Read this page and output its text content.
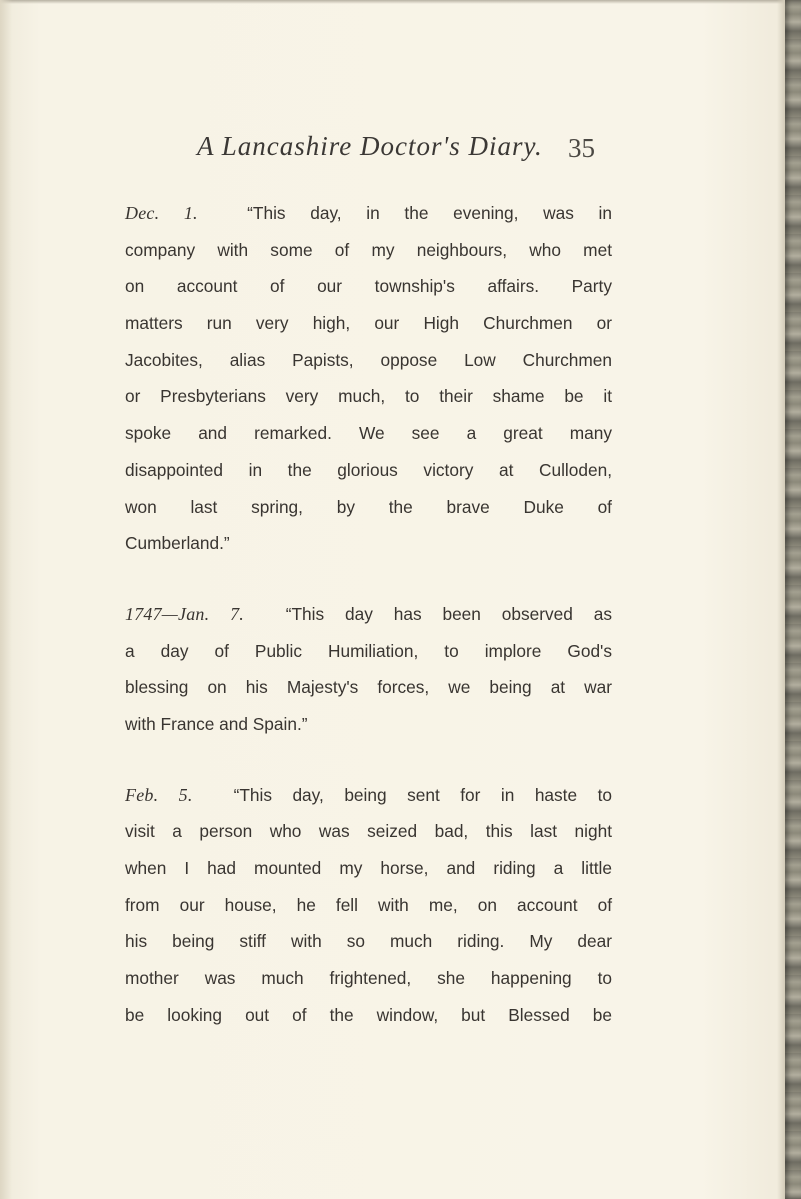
A Lancashire Doctor's Diary. 35
Dec. 1.	“This day, in the evening, was in
company with some of my neighbours, who met
on account of our township's affairs. Party
matters run very high, our High Churchmen or
Jacobites, alias Papists, oppose Low Churchmen
or Presbyterians very much, to their shame be it
spoke and remarked. We see a great many
disappointed in the glorious victory at Culloden,
won last spring, by the brave Duke of
Cumberland.”
1747—Jan. 7. “This day has been observed as
a day of Public Humiliation, to implore God's
blessing on his Majesty's forces, we being at war
with France and Spain.”
Feb. 5. “This day, being sent for in haste to
visit a person who was seized bad, this last night
when I had mounted my horse, and riding a little
from our house, he fell with me, on account of
his being stiff with so much riding. My dear
mother was much frightened, she happening to
be looking out of the window, but Blessed be
